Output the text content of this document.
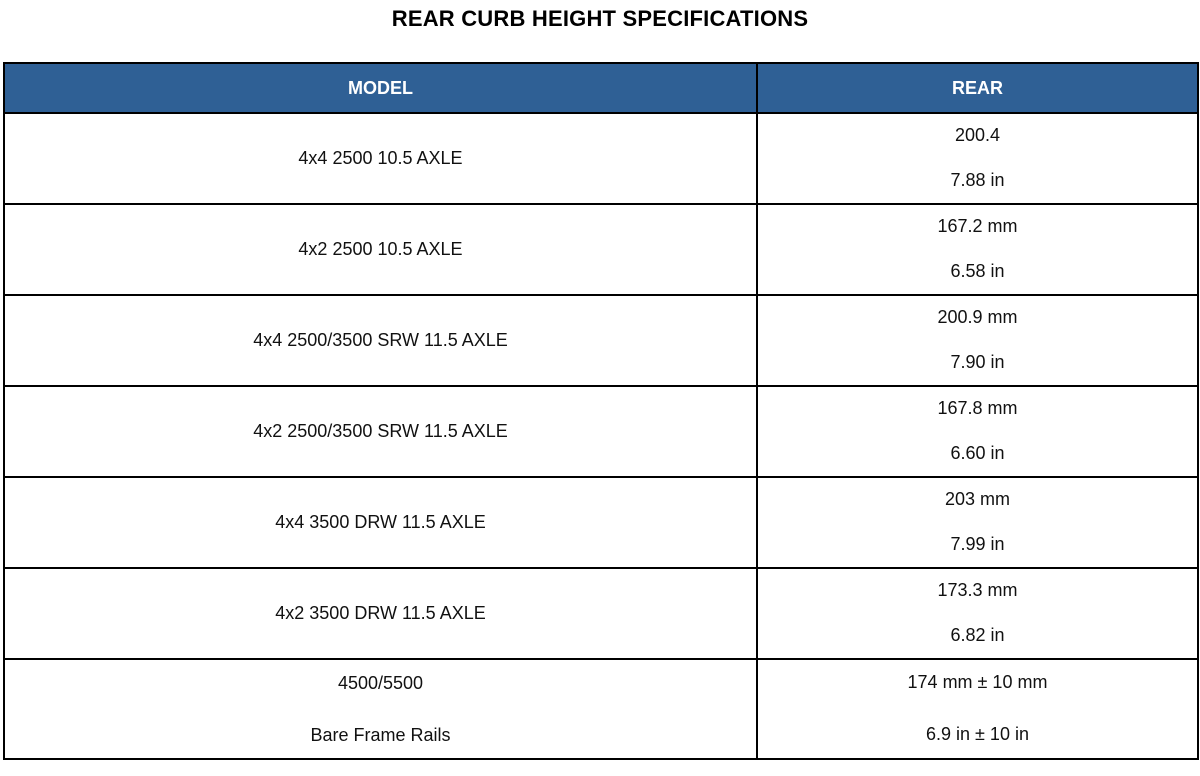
REAR CURB HEIGHT SPECIFICATIONS
MODEL	REAR
4x4 2500 10.5 AXLE	200.4
7.88 in

4x2 2500 10.5 AXLE	167.2 mm
6.58 in

4x4 2500/3500 SRW 11.5 AXLE	200.9 mm
7.90 in

4x2 2500/3500 SRW 11.5 AXLE	167.8 mm
6.60 in

4x4 3500 DRW 11.5 AXLE	203 mm
7.99 in

4x2 3500 DRW 11.5 AXLE	173.3 mm
6.82 in

4500/5500
Bare Frame Rails	174 mm ± 10 mm
6.9 in ± 10 in
